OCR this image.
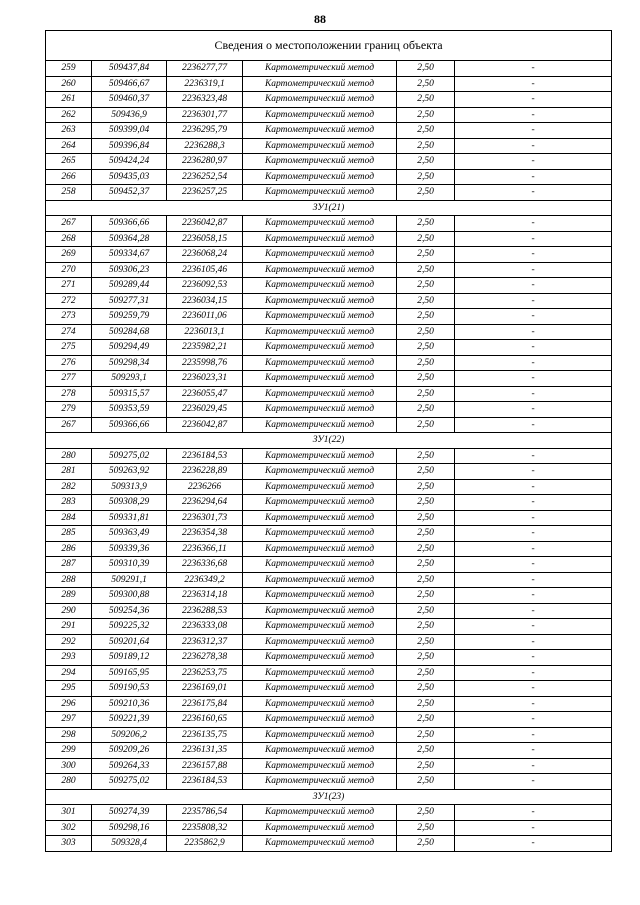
88
Сведения о местоположении границ объекта					
259	509437,84	2236277,77	Картометрический метод	2,50	-
260	509466,67	2236319,1	Картометрический метод	2,50	-
261	509460,37	2236323,48	Картометрический метод	2,50	-
262	509436,9	2236301,77	Картометрический метод	2,50	-
263	509399,04	2236295,79	Картометрический метод	2,50	-
264	509396,84	2236288,3	Картометрический метод	2,50	-
265	509424,24	2236280,97	Картометрический метод	2,50	-
266	509435,03	2236252,54	Картометрический метод	2,50	-
258	509452,37	2236257,25	Картометрический метод	2,50	-
ЗУ1(21)					
267	509366,66	2236042,87	Картометрический метод	2,50	-
268	509364,28	2236058,15	Картометрический метод	2,50	-
269	509334,67	2236068,24	Картометрический метод	2,50	-
270	509306,23	2236105,46	Картометрический метод	2,50	-
271	509289,44	2236092,53	Картометрический метод	2,50	-
272	509277,31	2236034,15	Картометрический метод	2,50	-
273	509259,79	2236011,06	Картометрический метод	2,50	-
274	509284,68	2236013,1	Картометрический метод	2,50	-
275	509294,49	2235982,21	Картометрический метод	2,50	-
276	509298,34	2235998,76	Картометрический метод	2,50	-
277	509293,1	2236023,31	Картометрический метод	2,50	-
278	509315,57	2236055,47	Картометрический метод	2,50	-
279	509353,59	2236029,45	Картометрический метод	2,50	-
267	509366,66	2236042,87	Картометрический метод	2,50	-
ЗУ1(22)					
280	509275,02	2236184,53	Картометрический метод	2,50	-
281	509263,92	2236228,89	Картометрический метод	2,50	-
282	509313,9	2236266	Картометрический метод	2,50	-
283	509308,29	2236294,64	Картометрический метод	2,50	-
284	509331,81	2236301,73	Картометрический метод	2,50	-
285	509363,49	2236354,38	Картометрический метод	2,50	-
286	509339,36	2236366,11	Картометрический метод	2,50	-
287	509310,39	2236336,68	Картометрический метод	2,50	-
288	509291,1	2236349,2	Картометрический метод	2,50	-
289	509300,88	2236314,18	Картометрический метод	2,50	-
290	509254,36	2236288,53	Картометрический метод	2,50	-
291	509225,32	2236333,08	Картометрический метод	2,50	-
292	509201,64	2236312,37	Картометрический метод	2,50	-
293	509189,12	2236278,38	Картометрический метод	2,50	-
294	509165,95	2236253,75	Картометрический метод	2,50	-
295	509190,53	2236169,01	Картометрический метод	2,50	-
296	509210,36	2236175,84	Картометрический метод	2,50	-
297	509221,39	2236160,65	Картометрический метод	2,50	-
298	509206,2	2236135,75	Картометрический метод	2,50	-
299	509209,26	2236131,35	Картометрический метод	2,50	-
300	509264,33	2236157,88	Картометрический метод	2,50	-
280	509275,02	2236184,53	Картометрический метод	2,50	-
ЗУ1(23)					
301	509274,39	2235786,54	Картометрический метод	2,50	-
302	509298,16	2235808,32	Картометрический метод	2,50	-
303	509328,4	2235862,9	Картометрический метод	2,50	-
